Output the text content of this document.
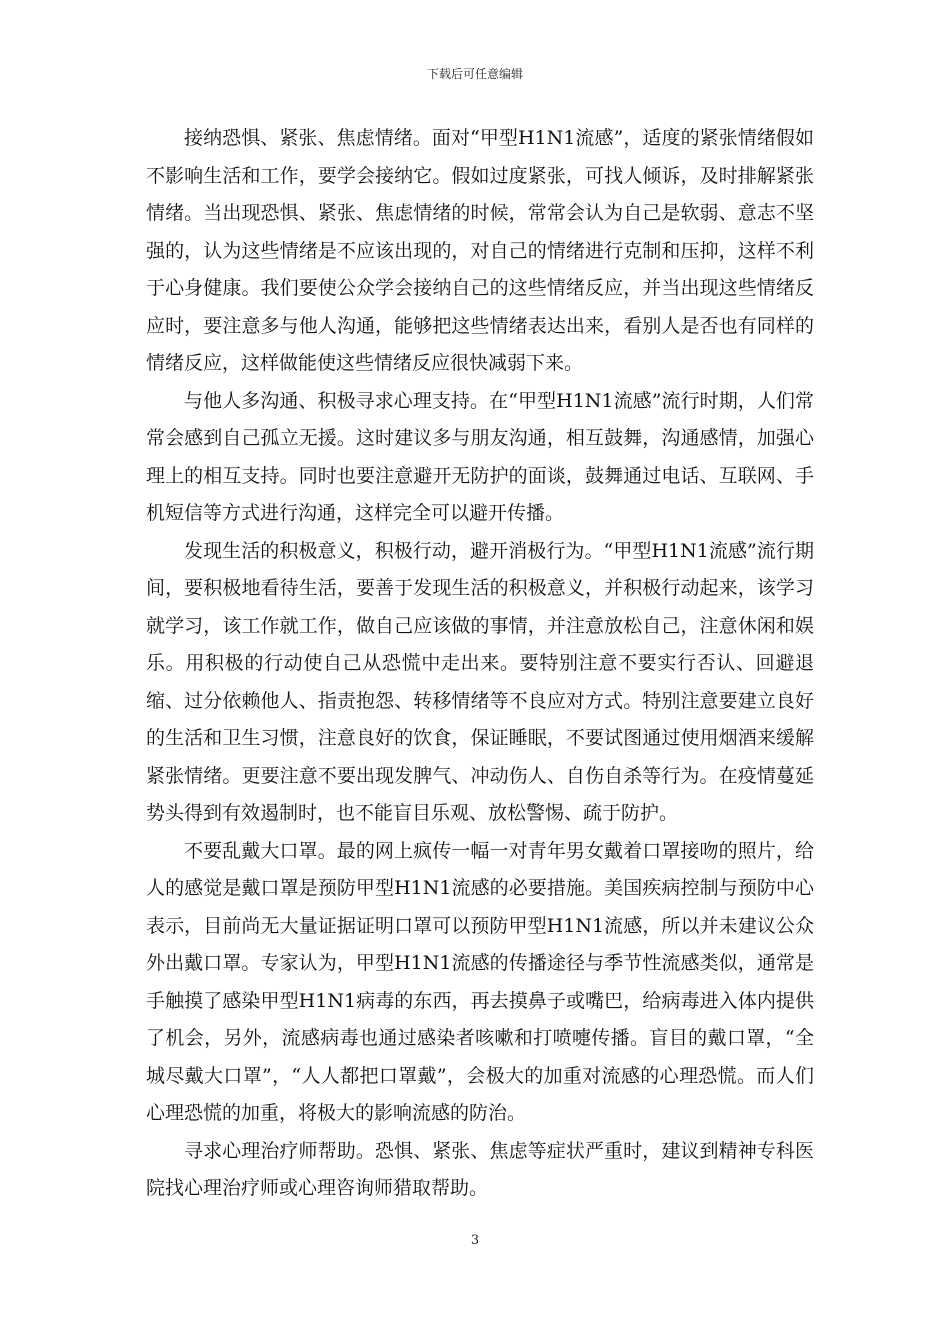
下载后可任意编辑

接纳恐惧、紧张、焦虑情绪。面对“甲型H1N1流感”，适度的紧张情绪假如不影响生活和工作，要学会接纳它。假如过度紧张，可找人倾诉，及时排解紧张情绪。当出现恐惧、紧张、焦虑情绪的时候，常常会认为自己是软弱、意志不坚强的，认为这些情绪是不应该出现的，对自己的情绪进行克制和压抑，这样不利于心身健康。我们要使公众学会接纳自己的这些情绪反应，并当出现这些情绪反应时，要注意多与他人沟通，能够把这些情绪表达出来，看别人是否也有同样的情绪反应，这样做能使这些情绪反应很快减弱下来。

与他人多沟通、积极寻求心理支持。在“甲型H1N1流感”流行时期，人们常常会感到自己孤立无援。这时建议多与朋友沟通，相互鼓舞，沟通感情，加强心理上的相互支持。同时也要注意避开无防护的面谈，鼓舞通过电话、互联网、手机短信等方式进行沟通，这样完全可以避开传播。

发现生活的积极意义，积极行动，避开消极行为。“甲型H1N1流感”流行期间，要积极地看待生活，要善于发现生活的积极意义，并积极行动起来，该学习就学习，该工作就工作，做自己应该做的事情，并注意放松自己，注意休闲和娱乐。用积极的行动使自己从恐慌中走出来。要特别注意不要实行否认、回避退缩、过分依赖他人、指责抱怨、转移情绪等不良应对方式。特别注意要建立良好的生活和卫生习惯，注意良好的饮食，保证睡眠，不要试图通过使用烟酒来缓解紧张情绪。更要注意不要出现发脾气、冲动伤人、自伤自杀等行为。在疫情蔓延势头得到有效遏制时，也不能盲目乐观、放松警惕、疏于防护。

不要乱戴大口罩。最的网上疯传一幅一对青年男女戴着口罩接吻的照片，给人的感觉是戴口罩是预防甲型H1N1流感的必要措施。美国疾病控制与预防中心表示，目前尚无大量证据证明口罩可以预防甲型H1N1流感，所以并未建议公众外出戴口罩。专家认为，甲型H1N1流感的传播途径与季节性流感类似，通常是手触摸了感染甲型H1N1病毒的东西，再去摸鼻子或嘴巴，给病毒进入体内提供了机会，另外，流感病毒也通过感染者咳嗽和打喷嚏传播。盲目的戴口罩，“全城尽戴大口罩”，“人人都把口罩戴”，会极大的加重对流感的心理恐慌。而人们心理恐慌的加重，将极大的影响流感的防治。

寻求心理治疗师帮助。恐惧、紧张、焦虑等症状严重时，建议到精神专科医院找心理治疗师或心理咨询师猎取帮助。

3
